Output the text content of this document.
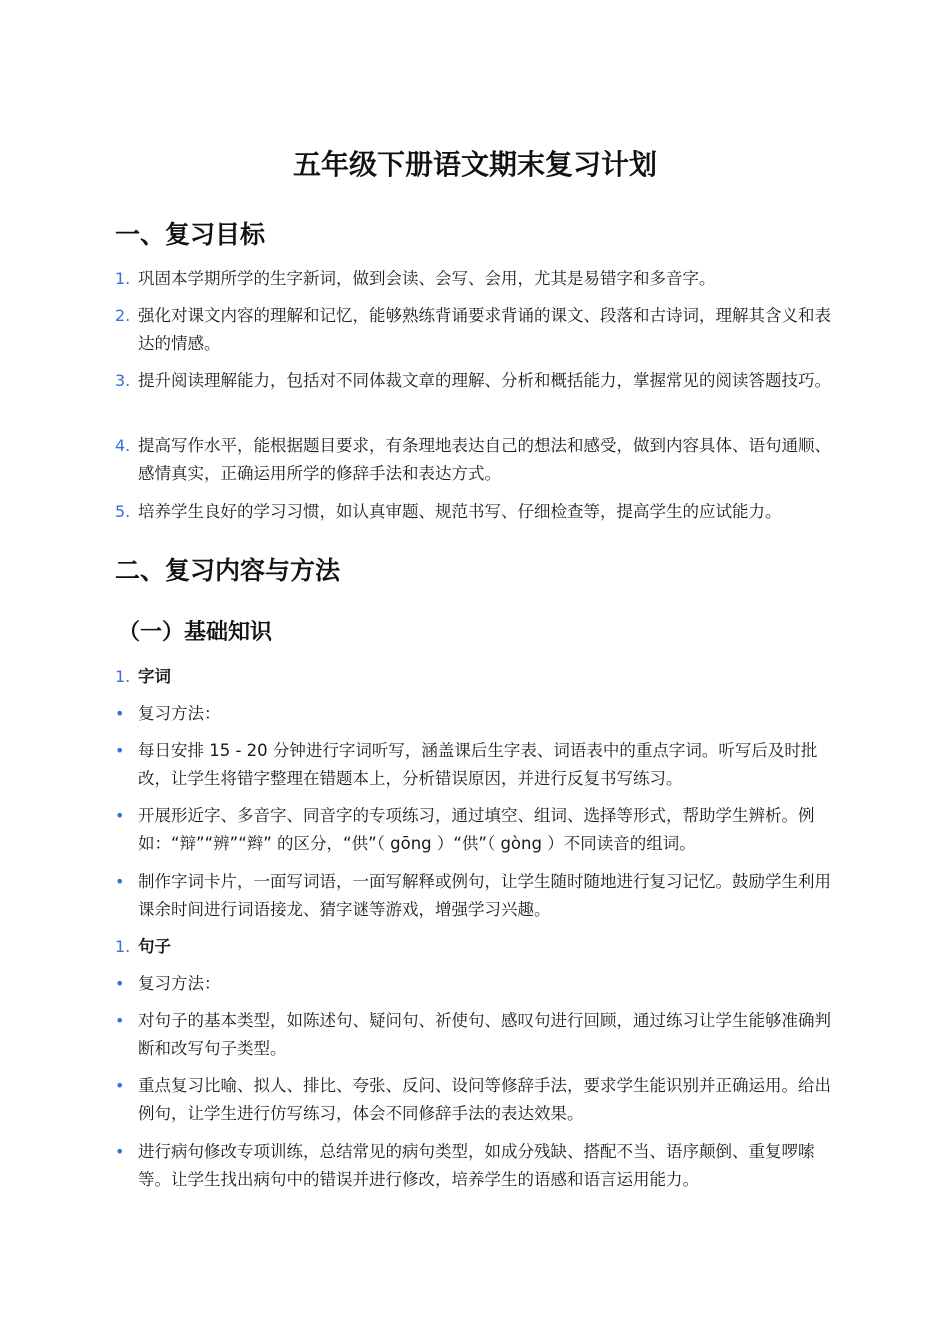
五年级下册语文期末复习计划
一、复习目标
1. 巩固本学期所学的生字新词，做到会读、会写、会用，尤其是易错字和多音字。
2. 强化对课文内容的理解和记忆，能够熟练背诵要求背诵的课文、段落和古诗词，理解其含义和表达的情感。
3. 提升阅读理解能力，包括对不同体裁文章的理解、分析和概括能力，掌握常见的阅读答题技巧。
4. 提高写作水平，能根据题目要求，有条理地表达自己的想法和感受，做到内容具体、语句通顺、感情真实，正确运用所学的修辞手法和表达方式。
5. 培养学生良好的学习习惯，如认真审题、规范书写、仔细检查等，提高学生的应试能力。
二、复习内容与方法
（一）基础知识
1. 字词
• 复习方法：
• 每日安排 15 - 20 分钟进行字词听写，涵盖课后生字表、词语表中的重点字词。听写后及时批改，让学生将错字整理在错题本上，分析错误原因，并进行反复书写练习。
• 开展形近字、多音字、同音字的专项练习，通过填空、组词、选择等形式，帮助学生辨析。例如：“辩”“辨”“辫” 的区分，“供”（ gōng ）“供”（ gòng ）不同读音的组词。
• 制作字词卡片，一面写词语，一面写解释或例句，让学生随时随地进行复习记忆。鼓励学生利用课余时间进行词语接龙、猜字谜等游戏，增强学习兴趣。
1. 句子
• 复习方法：
• 对句子的基本类型，如陈述句、疑问句、祈使句、感叹句进行回顾，通过练习让学生能够准确判断和改写句子类型。
• 重点复习比喻、拟人、排比、夸张、反问、设问等修辞手法，要求学生能识别并正确运用。给出例句，让学生进行仿写练习，体会不同修辞手法的表达效果。
• 进行病句修改专项训练，总结常见的病句类型，如成分残缺、搭配不当、语序颠倒、重复啰嗦等。让学生找出病句中的错误并进行修改，培养学生的语感和语言运用能力。
